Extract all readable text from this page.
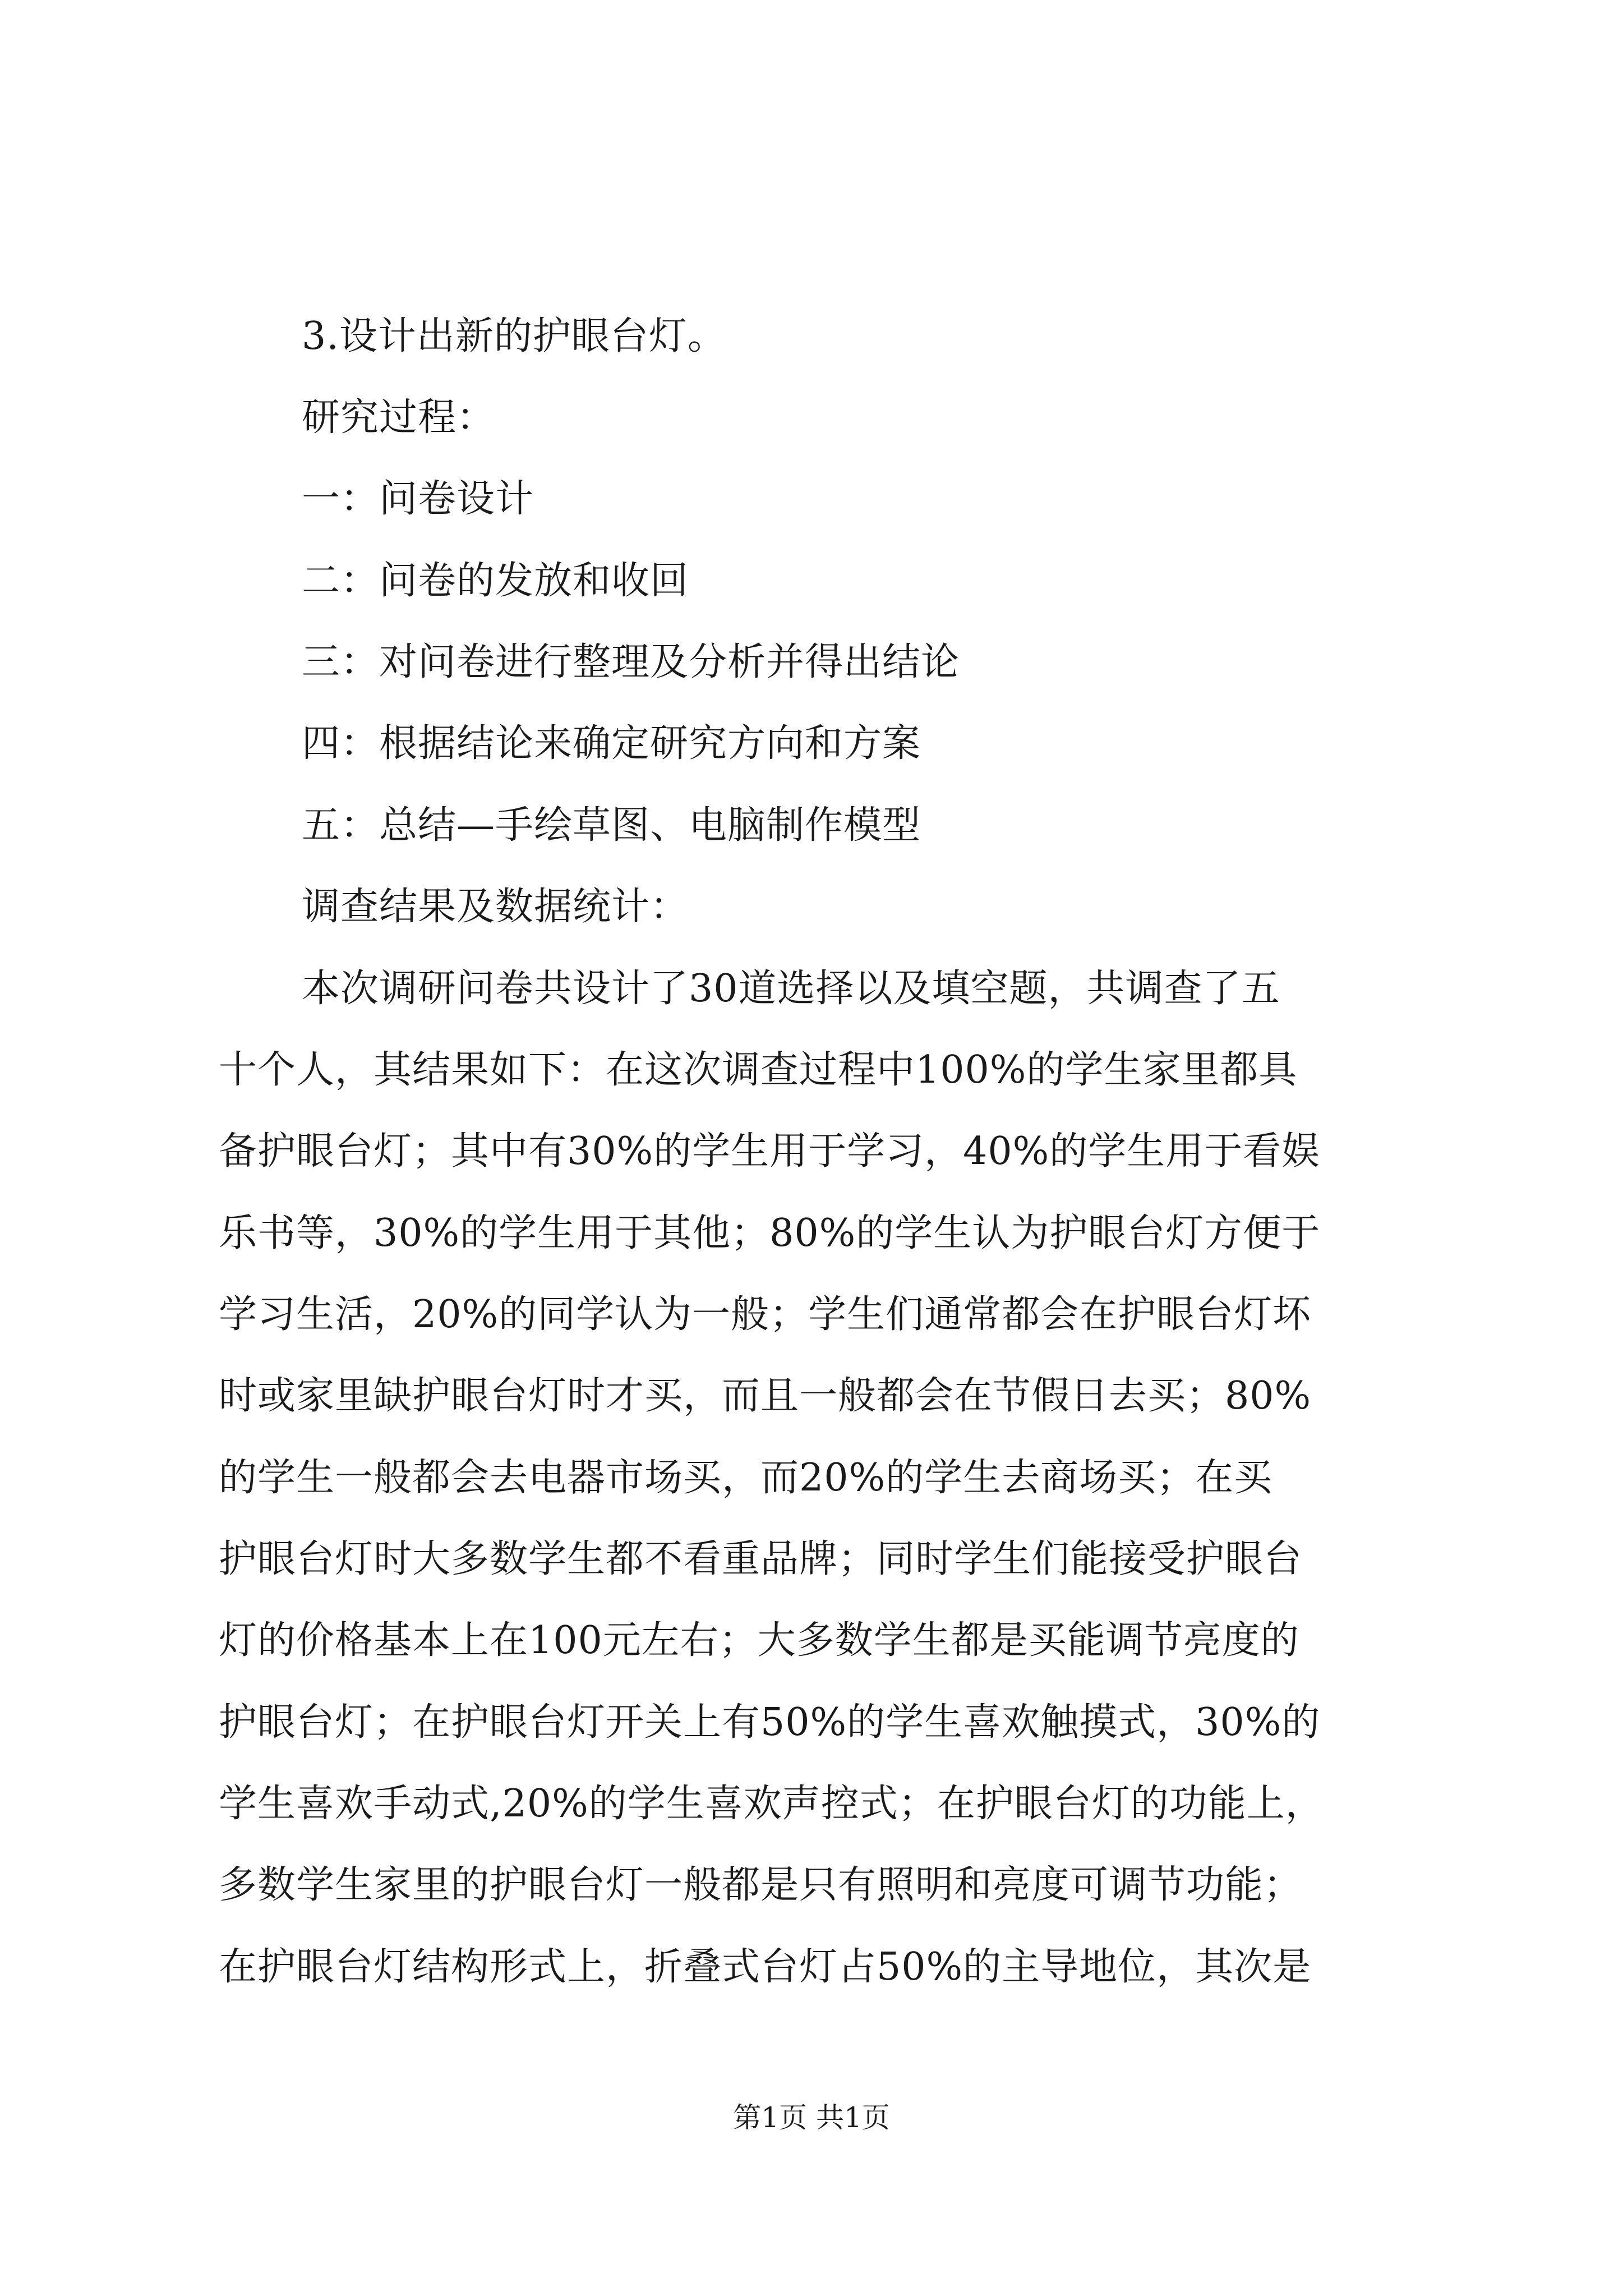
3.设计出新的护眼台灯。
研究过程：
一：问卷设计
二：问卷的发放和收回
三：对问卷进行整理及分析并得出结论
四：根据结论来确定研究方向和方案
五：总结—手绘草图、电脑制作模型
调查结果及数据统计：
本次调研问卷共设计了30道选择以及填空题，共调查了五
十个人，其结果如下：在这次调查过程中100%的学生家里都具
备护眼台灯；其中有30%的学生用于学习，40%的学生用于看娱
乐书等，30%的学生用于其他；80%的学生认为护眼台灯方便于
学习生活，20%的同学认为一般；学生们通常都会在护眼台灯坏
时或家里缺护眼台灯时才买，而且一般都会在节假日去买；80%
的学生一般都会去电器市场买，而20%的学生去商场买；在买
护眼台灯时大多数学生都不看重品牌；同时学生们能接受护眼台
灯的价格基本上在100元左右；大多数学生都是买能调节亮度的
护眼台灯；在护眼台灯开关上有50%的学生喜欢触摸式，30%的
学生喜欢手动式,20%的学生喜欢声控式；在护眼台灯的功能上，
多数学生家里的护眼台灯一般都是只有照明和亮度可调节功能；
在护眼台灯结构形式上，折叠式台灯占50%的主导地位，其次是
第1页 共1页
